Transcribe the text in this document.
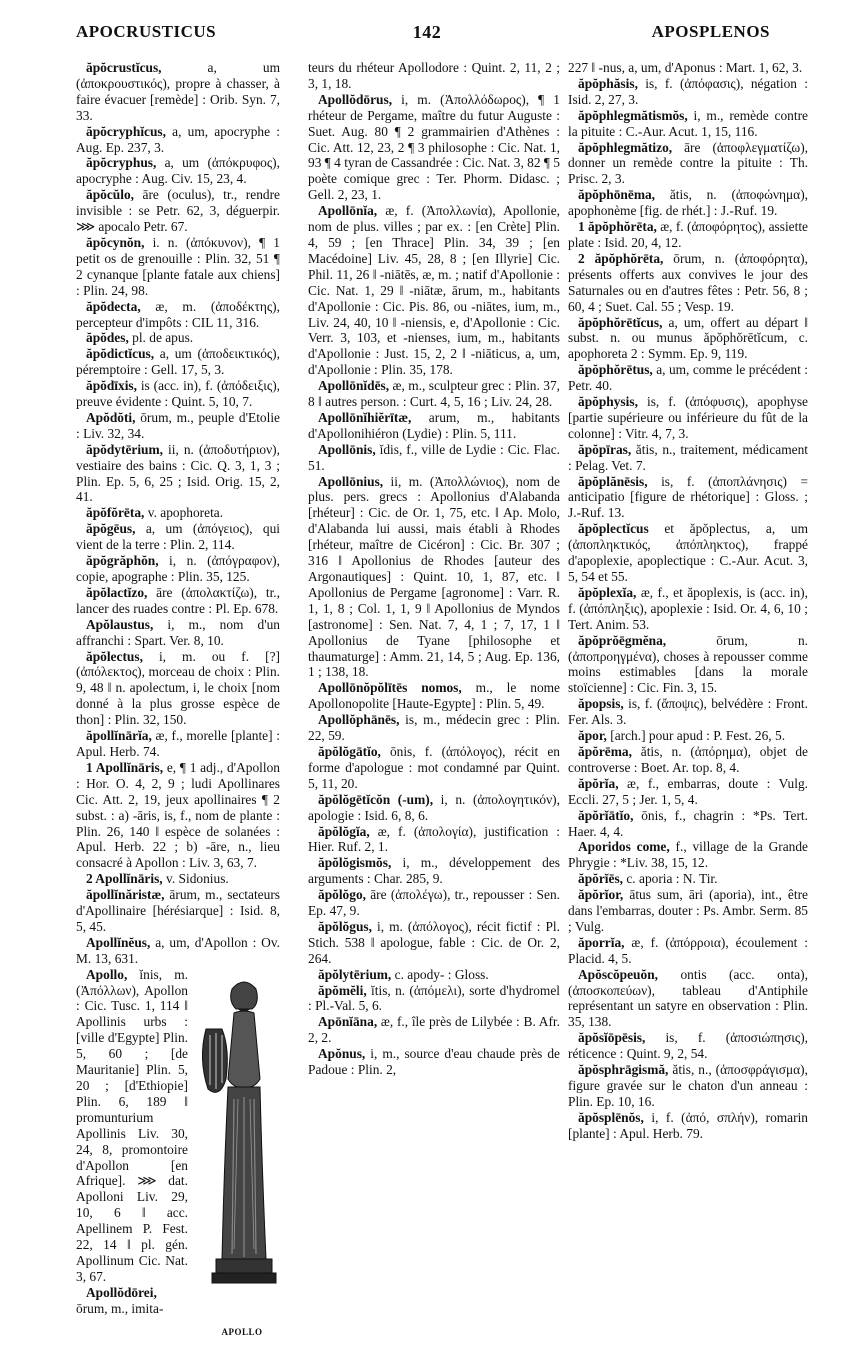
APOCRUSTICUS	142	APOSPLENOS

ăpŏcrustĭcus, a, um (ἀποκρουστικός), propre à chasser, à faire évacuer [remède] : Orib. Syn. 7, 33.

ăpŏcryphĭcus, a, um, apocryphe : Aug. Ep. 237, 3.

ăpŏcryphus, a, um (ἀπόκρυφος), apocryphe : Aug. Civ. 15, 23, 4.

ăpŏcŭlo, āre (oculus), tr., rendre invisible : se Petr. 62, 3, déguerpir. ⋙ apocalo Petr. 67.

ăpŏcynŏn, i. n. (ἀπόκυνον), ¶ 1 petit os de grenouille : Plin. 32, 51 ¶ 2 cynanque [plante fatale aux chiens] : Plin. 24, 98.

ăpŏdecta, æ, m. (ἀποδέκτης), percepteur d'impôts : CIL 11, 316.

ăpŏdes, pl. de apus.

ăpŏdictĭcus, a, um (ἀποδεικτικός), péremptoire : Gell. 17, 5, 3.

ăpŏdīxis, is (acc. in), f. (ἀπόδειξις), preuve évidente : Quint. 5, 10, 7.

Apŏdŏti, ōrum, m., peuple d'Etolie : Liv. 32, 34.

ăpŏdytērium, ii, n. (ἀποδυτήριον), vestiaire des bains : Cic. Q. 3, 1, 3 ; Plin. Ep. 5, 6, 25 ; Isid. Orig. 15, 2, 41.

ăpŏfŏrēta, v. apophoreta.

ăpŏgēus, a, um (ἀπόγειος), qui vient de la terre : Plin. 2, 114.

ăpŏgrăphŏn, i, n. (ἀπόγραφον), copie, apographe : Plin. 35, 125.

ăpŏlactĭzo, āre (ἀπολακτίζω), tr., lancer des ruades contre : Pl. Ep. 678.

Apŏlaustus, i, m., nom d'un affranchi : Spart. Ver. 8, 10.

ăpŏlectus, i, m. ou f. [?] (ἀπόλεκτος), morceau de choix : Plin. 9, 48 ‖ n. apolectum, i, le choix [nom donné à la plus grosse espèce de thon] : Plin. 32, 150.

ăpollĭnārĭa, æ, f., morelle [plante] : Apul. Herb. 74.

1 Apollĭnāris, e, ¶ 1 adj., d'Apollon : Hor. O. 4, 2, 9 ; ludi Apollinares Cic. Att. 2, 19, jeux apollinaires ¶ 2 subst. : a) -āris, is, f., nom de plante : Plin. 26, 140 ‖ espèce de solanées : Apul. Herb. 22 ; b) -āre, n., lieu consacré à Apollon : Liv. 3, 63, 7.

2 Apollĭnāris, v. Sidonius.

ăpollĭnăristæ, ārum, m., sectateurs d'Apollinaire [hérésiarque] : Isid. 8, 5, 45.

Apollĭnĕus, a, um, d'Apollon : Ov. M. 13, 631.

APOLLO
Apollo, ĭnis, m. (Ἀπόλλων), Apollon : Cic. Tusc. 1, 114 ‖ Apollinis urbs : [ville d'Egypte] Plin. 5, 60 ; [de Mauritanie] Plin. 5, 20 ; [d'Ethiopie] Plin. 6, 189 ‖ promunturium Apollinis Liv. 30, 24, 8, promontoire d'Apollon [en Afrique]. ⋙ dat. Apolloni Liv. 29, 10, 6 ‖ acc. Apellinem P. Fest. 22, 14 ‖ pl. gén. Apollinum Cic. Nat. 3, 67.

Apollŏdōrei, ōrum, m., imita-

teurs du rhéteur Apollodore : Quint. 2, 11, 2 ; 3, 1, 18.

Apollŏdōrus, i, m. (Ἀπολλόδωρος), ¶ 1 rhéteur de Pergame, maître du futur Auguste : Suet. Aug. 80 ¶ 2 grammairien d'Athènes : Cic. Att. 12, 23, 2 ¶ 3 philosophe : Cic. Nat. 1, 93 ¶ 4 tyran de Cassandrée : Cic. Nat. 3, 82 ¶ 5 poète comique grec : Ter. Phorm. Didasc. ; Gell. 2, 23, 1.

Apollōnĭa, æ, f. (Ἀπολλωνία), Apollonie, nom de plus. villes ; par ex. : [en Crète] Plin. 4, 59 ; [en Thrace] Plin. 34, 39 ; [en Macédoine] Liv. 45, 28, 8 ; [en Illyrie] Cic. Phil. 11, 26 ‖ -niātēs, æ, m. ; natif d'Apollonie : Cic. Nat. 1, 29 ‖ -niātæ, ārum, m., habitants d'Apollonie : Cic. Pis. 86, ou -niātes, ium, m., Liv. 24, 40, 10 ‖ -niensis, e, d'Apollonie : Cic. Verr. 3, 103, et -nienses, ium, m., habitants d'Apollonie : Just. 15, 2, 2 ‖ -niāticus, a, um, d'Apollonie : Plin. 35, 178.

Apollōnĭdēs, æ, m., sculpteur grec : Plin. 37, 8 ‖ autres person. : Curt. 4, 5, 16 ; Liv. 24, 28.

Apollōnĭhiĕrītæ, arum, m., habitants d'Apollonihiéron (Lydie) : Plin. 5, 111.

Apollōnis, ĭdis, f., ville de Lydie : Cic. Flac. 51.

Apollōnius, ii, m. (Ἀπολλώνιος), nom de plus. pers. grecs : Apollonius d'Alabanda [rhéteur] : Cic. de Or. 1, 75, etc. ‖ Ap. Molo, d'Alabanda lui aussi, mais établi à Rhodes [rhéteur, maître de Cicéron] : Cic. Br. 307 ; 316 ‖ Apollonius de Rhodes [auteur des Argonautiques] : Quint. 10, 1, 87, etc. ‖ Apollonius de Pergame [agronome] : Varr. R. 1, 1, 8 ; Col. 1, 1, 9 ‖ Apollonius de Myndos [astronome] : Sen. Nat. 7, 4, 1 ; 7, 17, 1 ‖ Apollonius de Tyane [philosophe et thaumaturge] : Amm. 21, 14, 5 ; Aug. Ep. 136, 1 ; 138, 18.

Apollōnŏpŏlītēs nomos, m., le nome Apollonopolite [Haute-Egypte] : Plin. 5, 49.

Apollŏphānēs, is, m., médecin grec : Plin. 22, 59.

ăpŏlŏgātĭo, ōnis, f. (ἀπόλογος), récit en forme d'apologue : mot condamné par Quint. 5, 11, 20.

ăpŏlŏgētĭcŏn (-um), i, n. (ἀπολογητικόν), apologie : Isid. 6, 8, 6.

ăpŏlŏgĭa, æ, f. (ἀπολογία), justification : Hier. Ruf. 2, 1.

ăpŏlŏgismŏs, i, m., développement des arguments : Char. 285, 9.

ăpŏlŏgo, āre (ἀπολέγω), tr., repousser : Sen. Ep. 47, 9.

ăpŏlŏgus, i, m. (ἀπόλογος), récit fictif : Pl. Stich. 538 ‖ apologue, fable : Cic. de Or. 2, 264.

ăpŏlytērium, c. apody- : Gloss.

ăpŏmĕli, ĭtis, n. (ἀπόμελι), sorte d'hydromel : Pl.-Val. 5, 6.

Apōnĭāna, æ, f., île près de Lilybée : B. Afr. 2, 2.

Apŏnus, i, m., source d'eau chaude près de Padoue : Plin. 2,

227 ‖ -nus, a, um, d'Aponus : Mart. 1, 62, 3.

ăpŏphăsis, is, f. (ἀπόφασις), négation : Isid. 2, 27, 3.

ăpŏphlegmătismŏs, i, m., remède contre la pituite : C.-Aur. Acut. 1, 15, 116.

ăpŏphlegmătizo, āre (ἀποφλεγματίζω), donner un remède contre la pituite : Th. Prisc. 2, 3.

ăpŏphōnēma, ătis, n. (ἀποφώνημα), apophonème [fig. de rhét.] : J.-Ruf. 19.

1 ăpŏphŏrēta, æ, f. (ἀποφόρητος), assiette plate : Isid. 20, 4, 12.

2 ăpŏphŏrēta, ōrum, n. (ἀποφόρητα), présents offerts aux convives le jour des Saturnales ou en d'autres fêtes : Petr. 56, 8 ; 60, 4 ; Suet. Cal. 55 ; Vesp. 19.

ăpŏphŏrētĭcus, a, um, offert au départ ‖ subst. n. ou munus ăpŏphŏrētĭcum, c. apophoreta 2 : Symm. Ep. 9, 119.

ăpŏphŏrētus, a, um, comme le précédent : Petr. 40.

ăpŏphysis, is, f. (ἀπόφυσις), apophyse [partie supérieure ou inférieure du fût de la colonne] : Vitr. 4, 7, 3.

ăpŏpīras, ătis, n., traitement, médicament : Pelag. Vet. 7.

ăpŏplănēsis, is, f. (ἀποπλάνησις) = anticipatio [figure de rhétorique] : Gloss. ; J.-Ruf. 13.

ăpŏplectĭcus et ăpŏplectus, a, um (ἀποπληκτικός, ἀπόπληκτος), frappé d'apoplexie, apoplectique : C.-Aur. Acut. 3, 5, 54 et 55.

ăpŏplexĭa, æ, f., et ăpoplexis, is (acc. in), f. (ἀπόπληξις), apoplexie : Isid. Or. 4, 6, 10 ; Tert. Anim. 53.

ăpŏprŏēgmĕna, ōrum, n. (ἀποπροηγμένα), choses à repousser comme moins estimables [dans la morale stoïcienne] : Cic. Fin. 3, 15.

ăpopsis, is, f. (ἄποψις), belvédère : Front. Fer. Als. 3.

ăpor, [arch.] pour apud : P. Fest. 26, 5.

ăpŏrēma, ătis, n. (ἀπόρημα), objet de controverse : Boet. Ar. top. 8, 4.

ăpŏrĭa, æ, f., embarras, doute : Vulg. Eccli. 27, 5 ; Jer. 1, 5, 4.

ăpŏrĭātĭo, ōnis, f., chagrin : *Ps. Tert. Haer. 4, 4.

Aporidos come, f., village de la Grande Phrygie : *Liv. 38, 15, 12.

ăpŏrĭēs, c. aporia : N. Tir.

ăpŏrĭor, ātus sum, āri (aporia), int., être dans l'embarras, douter : Ps. Ambr. Serm. 85 ; Vulg.

ăporrĭa, æ, f. (ἀπόρροια), écoulement : Placid. 4, 5.

Apŏscŏpeuŏn, ontis (acc. onta), (ἀποσκοπεύων), tableau d'Antiphile représentant un satyre en observation : Plin. 35, 138.

ăpŏsĭōpēsis, is, f. (ἀποσιώπησις), réticence : Quint. 9, 2, 54.

ăpŏsphrāgismă, ătis, n., (ἀποσφράγισμα), figure gravée sur le chaton d'un anneau : Plin. Ep. 10, 16.

ăpŏsplēnŏs, i, f. (ἀπό, σπλήν), romarin [plante] : Apul. Herb. 79.
